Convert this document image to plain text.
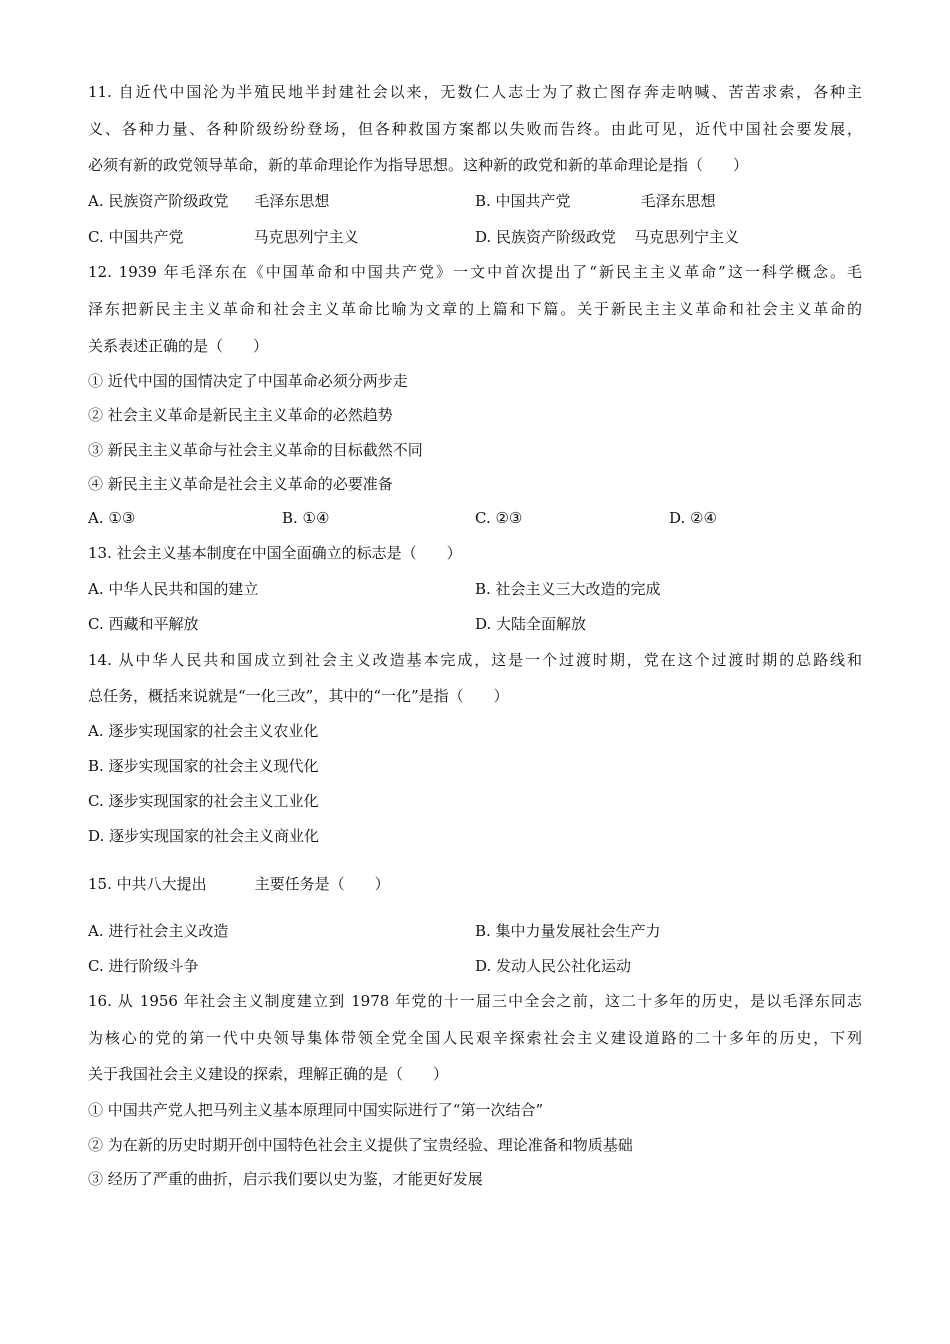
11. 自近代中国沦为半殖民地半封建社会以来，无数仁人志士为了救亡图存奔走呐喊、苦苦求索，各种主
义、各种力量、各种阶级纷纷登场，但各种救国方案都以失败而告终。由此可见，近代中国社会要发展，
必须有新的政党领导革命，新的革命理论作为指导思想。这种新的政党和新的革命理论是指（　　）
A. 民族资产阶级政党 毛泽东思想	B. 中国共产党	毛泽东思想
C. 中国共产党	马克思列宁主义	D. 民族资产阶级政党 马克思列宁主义
12. 1939 年毛泽东在《中国革命和中国共产党》一文中首次提出了“新民主主义革命”这一科学概念。毛
泽东把新民主主义革命和社会主义革命比喻为文章的上篇和下篇。关于新民主主义革命和社会主义革命的
关系表述正确的是（　　）
① 近代中国的国情决定了中国革命必须分两步走
② 社会主义革命是新民主主义革命的必然趋势
③ 新民主主义革命与社会主义革命的目标截然不同
④ 新民主主义革命是社会主义革命的必要准备
A. ①③	B. ①④	C. ②③	D. ②④
13. 社会主义基本制度在中国全面确立的标志是（　　）
A. 中华人民共和国的建立	B. 社会主义三大改造的完成
C. 西藏和平解放	D. 大陆全面解放
14. 从中华人民共和国成立到社会主义改造基本完成，这是一个过渡时期，党在这个过渡时期的总路线和
总任务，概括来说就是“一化三改”，其中的“一化”是指（　　）
A. 逐步实现国家的社会主义农业化
B. 逐步实现国家的社会主义现代化
C. 逐步实现国家的社会主义工业化
D. 逐步实现国家的社会主义商业化
15. 中共八大提出	主要任务是（　　）
A. 进行社会主义改造	B. 集中力量发展社会生产力
C. 进行阶级斗争	D. 发动人民公社化运动
16. 从 1956 年社会主义制度建立到 1978 年党的十一届三中全会之前，这二十多年的历史，是以毛泽东同志
为核心的党的第一代中央领导集体带领全党全国人民艰辛探索社会主义建设道路的二十多年的历史，下列
关于我国社会主义建设的探索，理解正确的是（　　）
① 中国共产党人把马列主义基本原理同中国实际进行了“第一次结合”
② 为在新的历史时期开创中国特色社会主义提供了宝贵经验、理论准备和物质基础
③ 经历了严重的曲折，启示我们要以史为鉴，才能更好发展
